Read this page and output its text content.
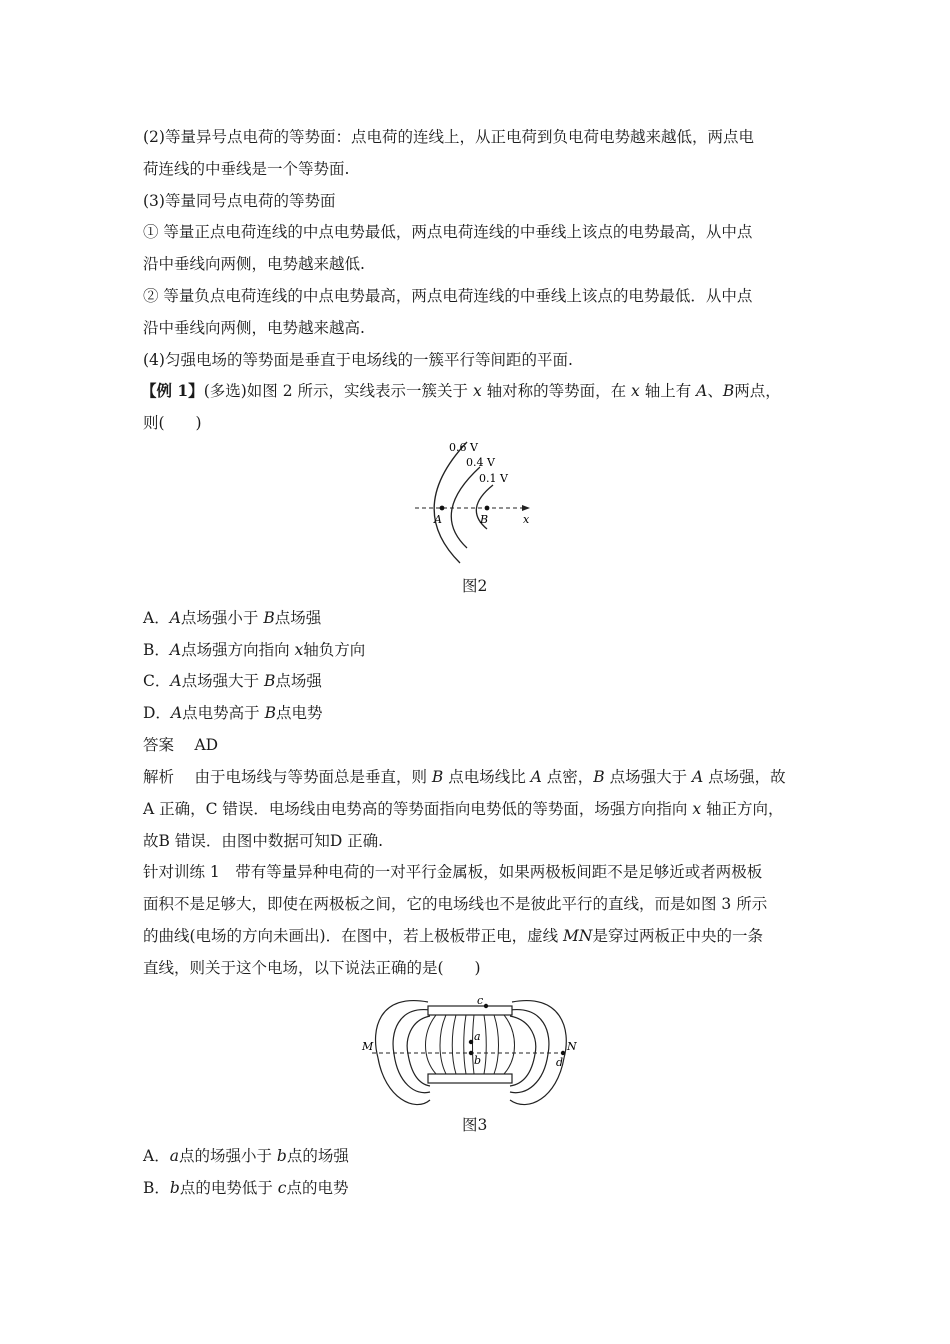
(2)等量异号点电荷的等势面：点电荷的连线上，从正电荷到负电荷电势越来越低，两点电
荷连线的中垂线是一个等势面.
(3)等量同号点电荷的等势面
① 等量正点电荷连线的中点电势最低，两点电荷连线的中垂线上该点的电势最高，从中点
沿中垂线向两侧，电势越来越低.
② 等量负点电荷连线的中点电势最高，两点电荷连线的中垂线上该点的电势最低．从中点
沿中垂线向两侧，电势越来越高.
(4)匀强电场的等势面是垂直于电场线的一簇平行等间距的平面.
【例 1】(多选)如图 2 所示，实线表示一簇关于 x 轴对称的等势面，在 x 轴上有 A、B两点，
则(　　)
0.6 V
0.4 V
0.1 V
A	B	x
图2
A．A点场强小于 B点场强
B．A点场强方向指向 x轴负方向
C．A点场强大于 B点场强
D．A点电势高于 B点电势
答案　 AD
解析　 由于电场线与等势面总是垂直，则 B 点电场线比 A 点密，B 点场强大于 A 点场强，故
A 正确，C 错误．电场线由电势高的等势面指向电势低的等势面，场强方向指向 x 轴正方向，
故B 错误．由图中数据可知D 正确.
针对训练 1　带有等量异种电荷的一对平行金属板，如果两极板间距不是足够近或者两极板
面积不是足够大，即使在两极板之间，它的电场线也不是彼此平行的直线，而是如图 3 所示
的曲线(电场的方向未画出)．在图中，若上极板带正电，虚线 MN是穿过两板正中央的一条
直线，则关于这个电场，以下说法正确的是(　　)
M	N
a
b
c
d
图3
A．a点的场强小于 b点的场强
B．b点的电势低于 c点的电势
